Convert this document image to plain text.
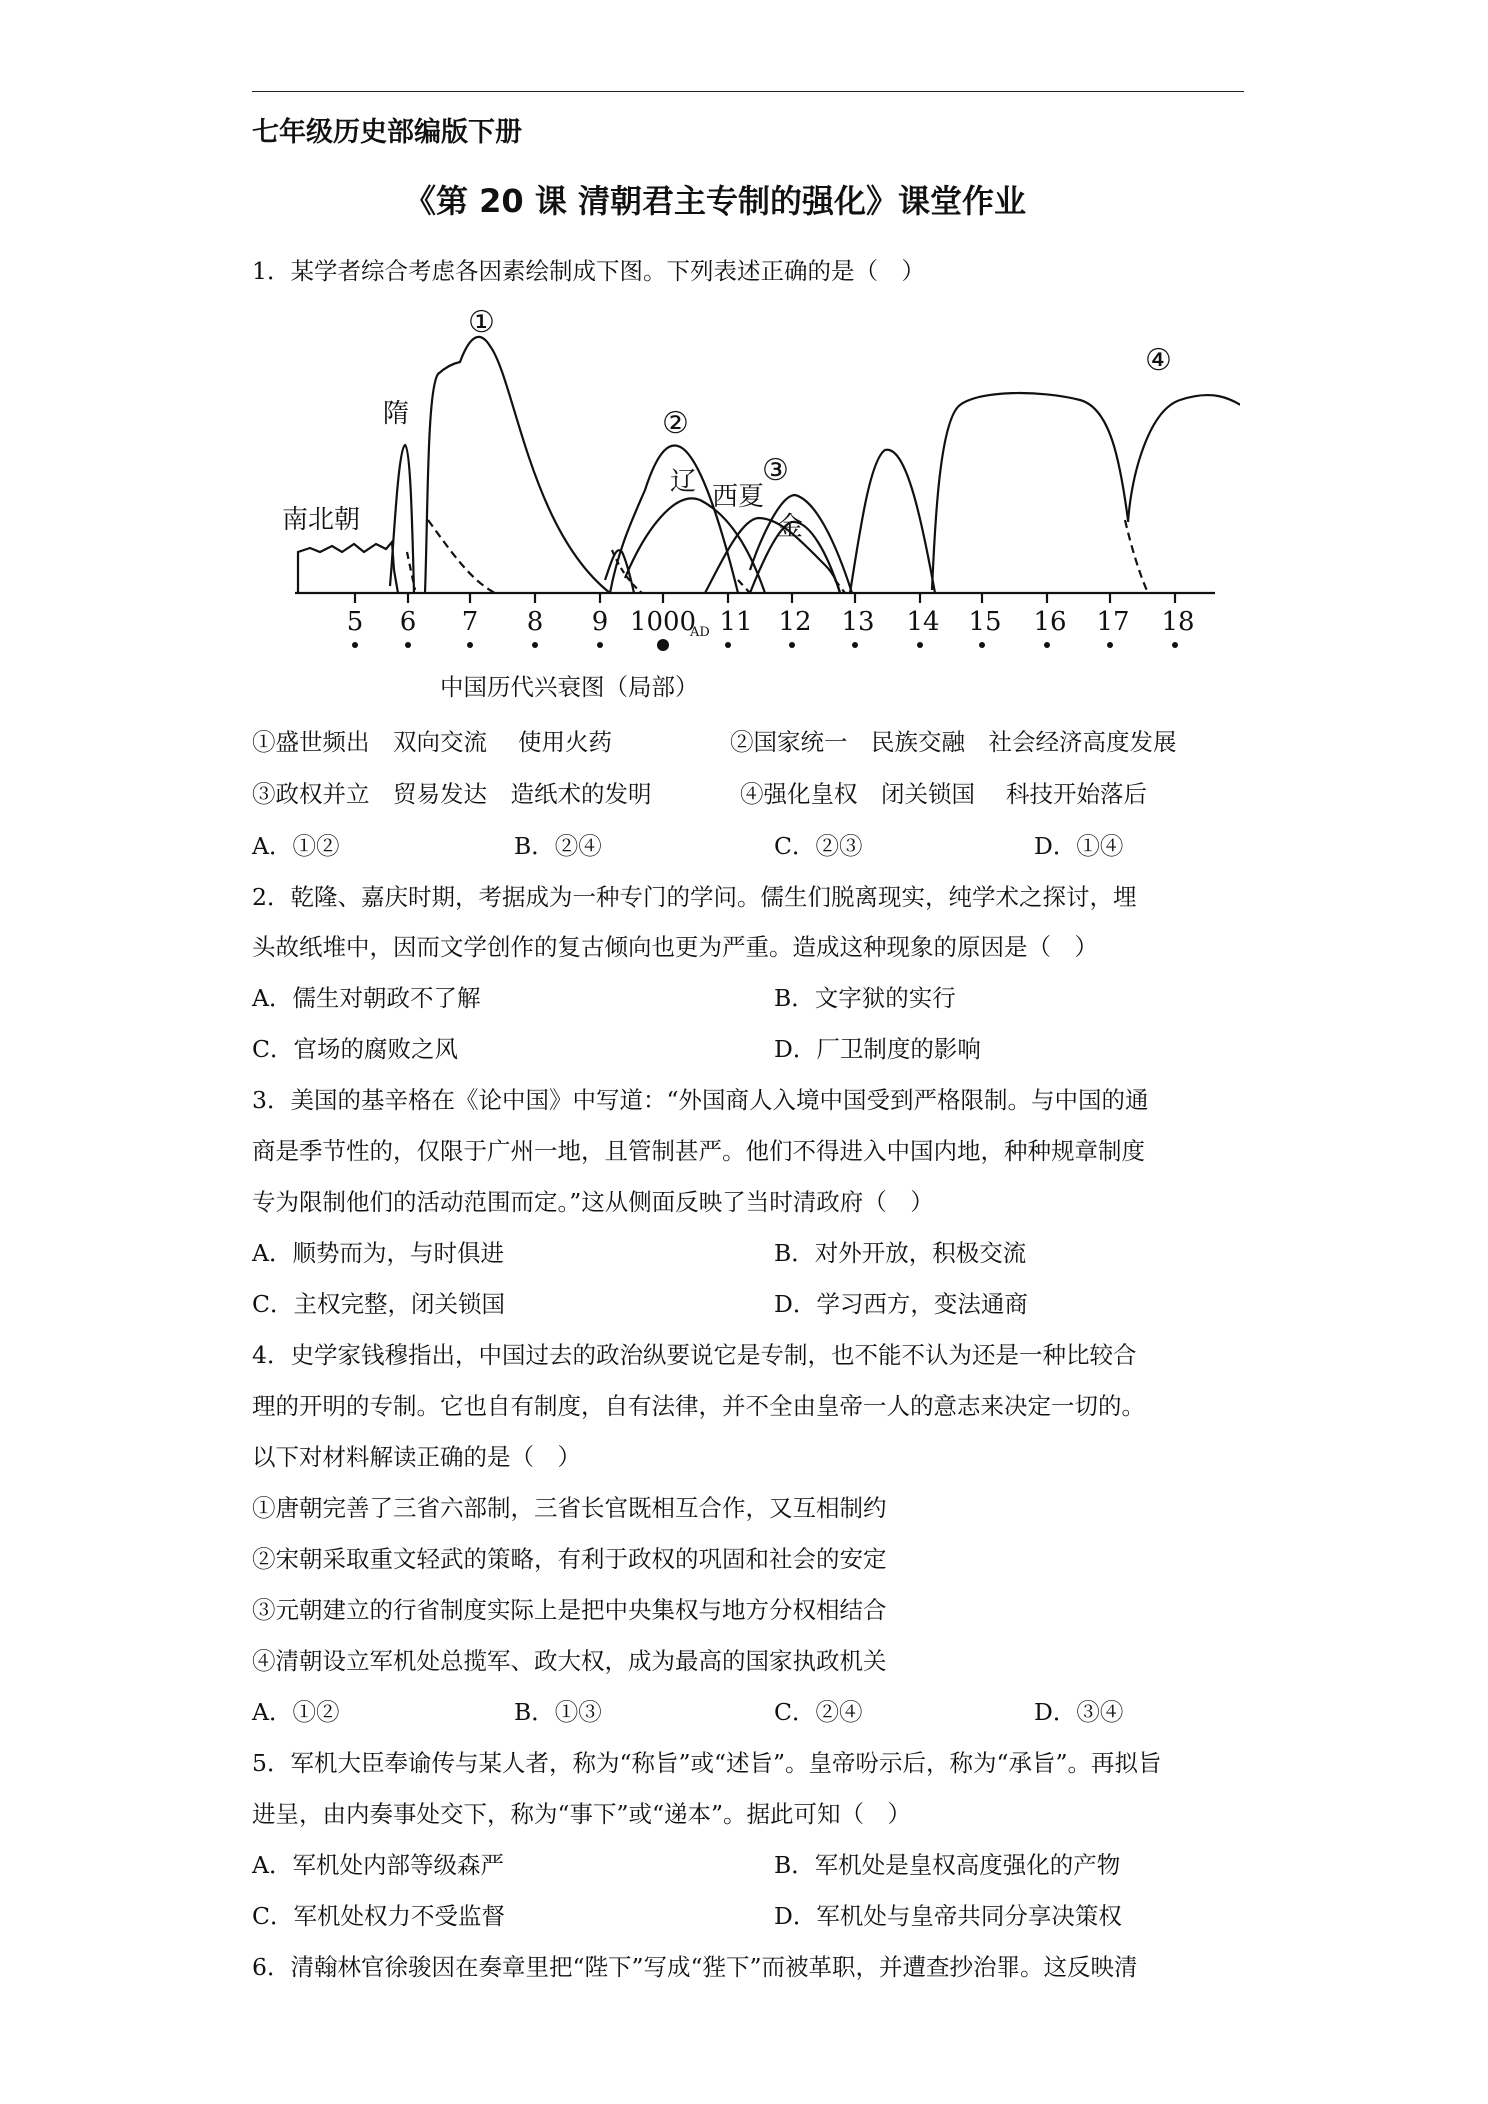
七年级历史部编版下册
《第 20 课 清朝君主专制的强化》课堂作业
1．某学者综合考虑各因素绘制成下图。下列表述正确的是（　）
5 6 7 8 9 1000 11 12 13 14 15 16 17 18
AD
南北朝
隋
辽 西夏
金
①
②
③
④
中国历代兴衰图（局部）
①盛世频出　双向交流　 使用火药	②国家统一　民族交融　社会经济高度发展
③政权并立　贸易发达　造纸术的发明	④强化皇权　闭关锁国　 科技开始落后
A．①②	B．②④	C．②③	D．①④
2．乾隆、嘉庆时期，考据成为一种专门的学问。儒生们脱离现实，纯学术之探讨，埋
头故纸堆中，因而文学创作的复古倾向也更为严重。造成这种现象的原因是（　）
A．儒生对朝政不了解	B．文字狱的实行
C．官场的腐败之风	D．厂卫制度的影响
3．美国的基辛格在《论中国》中写道：“外国商人入境中国受到严格限制。与中国的通
商是季节性的，仅限于广州一地，且管制甚严。他们不得进入中国内地，种种规章制度
专为限制他们的活动范围而定。”这从侧面反映了当时清政府（　）
A．顺势而为，与时俱进	B．对外开放，积极交流
C．主权完整，闭关锁国	D．学习西方，变法通商
4．史学家钱穆指出，中国过去的政治纵要说它是专制，也不能不认为还是一种比较合
理的开明的专制。它也自有制度，自有法律，并不全由皇帝一人的意志来决定一切的。
以下对材料解读正确的是（　）
①唐朝完善了三省六部制，三省长官既相互合作，又互相制约
②宋朝采取重文轻武的策略，有利于政权的巩固和社会的安定
③元朝建立的行省制度实际上是把中央集权与地方分权相结合
④清朝设立军机处总揽军、政大权，成为最高的国家执政机关
A．①②	B．①③	C．②④	D．③④
5．军机大臣奉谕传与某人者，称为“称旨”或“述旨”。皇帝吩示后，称为“承旨”。再拟旨
进呈，由内奏事处交下，称为“事下”或“递本”。据此可知（　）
A．军机处内部等级森严	B．军机处是皇权高度强化的产物
C．军机处权力不受监督	D．军机处与皇帝共同分享决策权
6．清翰林官徐骏因在奏章里把“陛下”写成“狴下”而被革职，并遭查抄治罪。这反映清
